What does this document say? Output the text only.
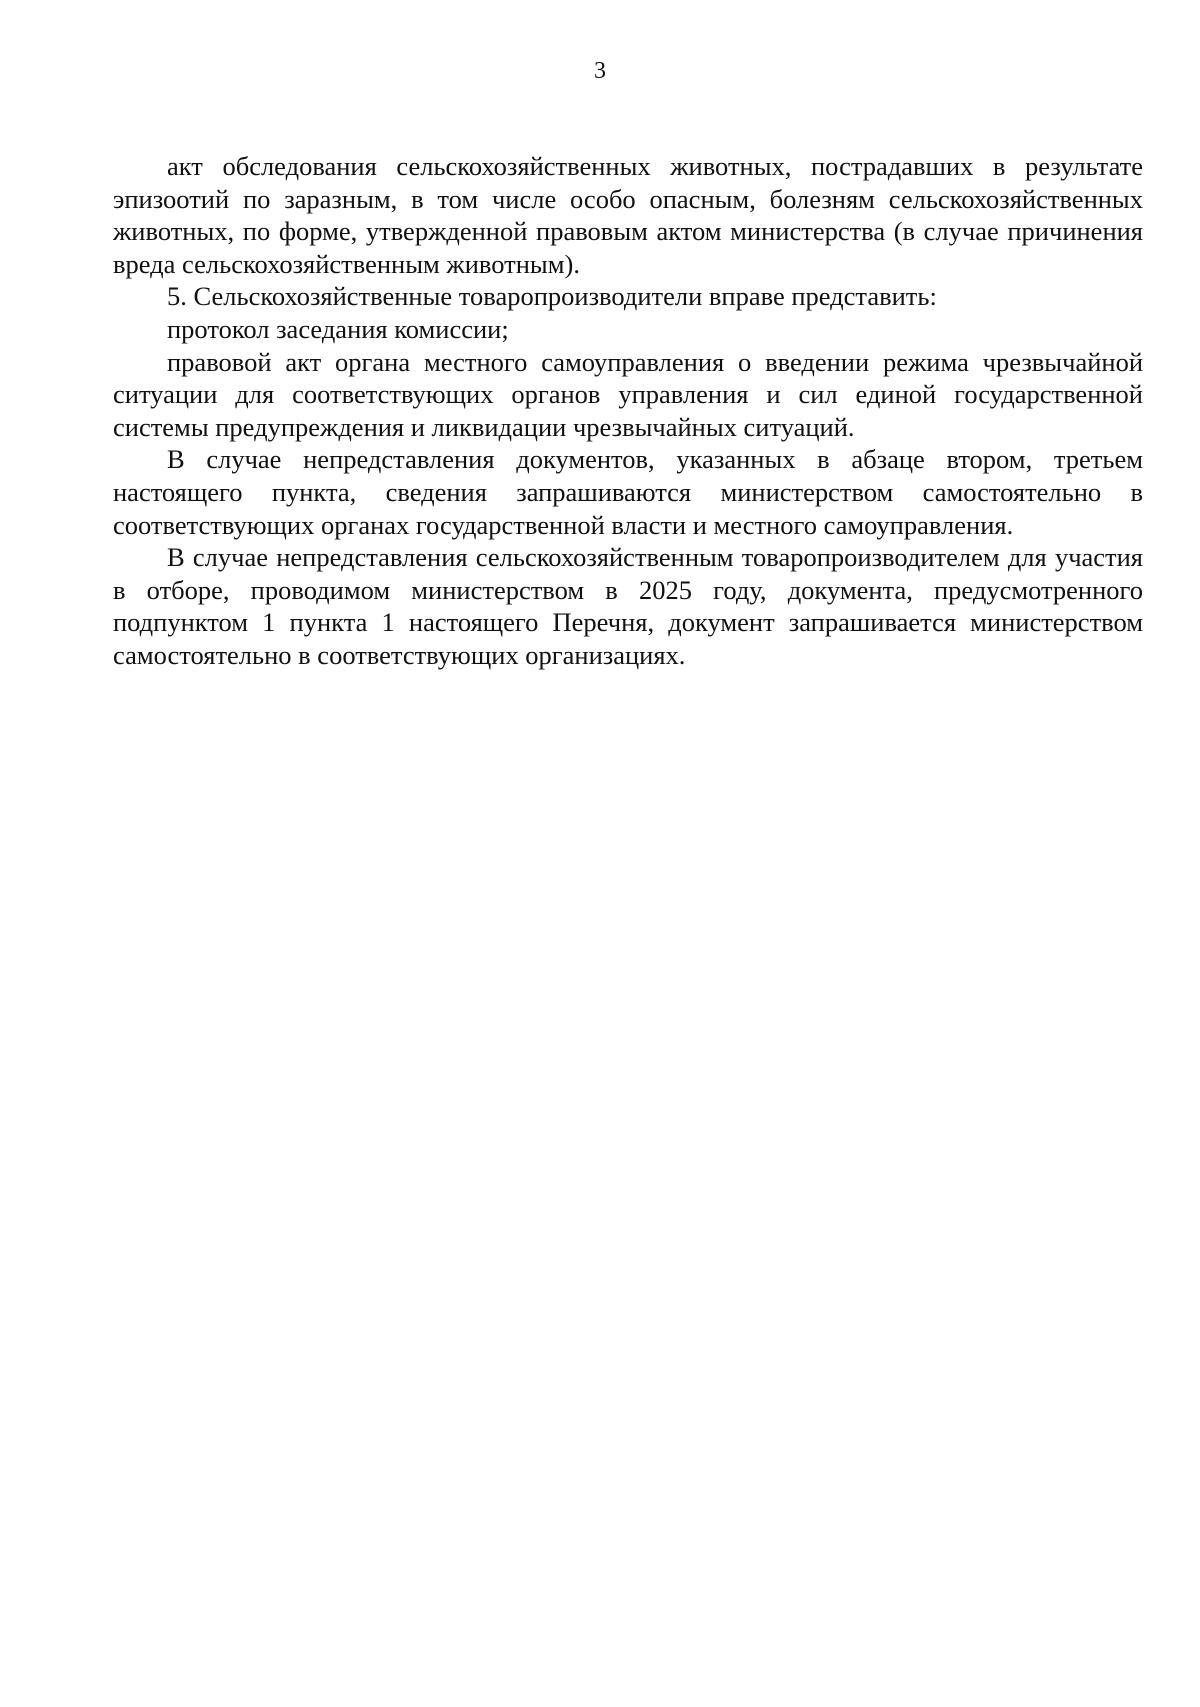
3

акт обследования сельскохозяйственных животных, пострадавших в результате эпизоотий по заразным, в том числе особо опасным, болезням сельскохозяйственных животных, по форме, утвержденной правовым актом министерства (в случае причинения вреда сельскохозяйственным животным).

5. Сельскохозяйственные товаропроизводители вправе представить:

протокол заседания комиссии;

правовой акт органа местного самоуправления о введении режима чрезвычайной ситуации для соответствующих органов управления и сил единой государственной системы предупреждения и ликвидации чрезвычайных ситуаций.

В случае непредставления документов, указанных в абзаце втором, третьем настоящего пункта, сведения запрашиваются министерством самостоятельно в соответствующих органах государственной власти и местного самоуправления.

В случае непредставления сельскохозяйственным товаропроизводителем для участия в отборе, проводимом министерством в 2025 году, документа, предусмотренного подпунктом 1 пункта 1 настоящего Перечня, документ запрашивается министерством самостоятельно в соответствующих организациях.
